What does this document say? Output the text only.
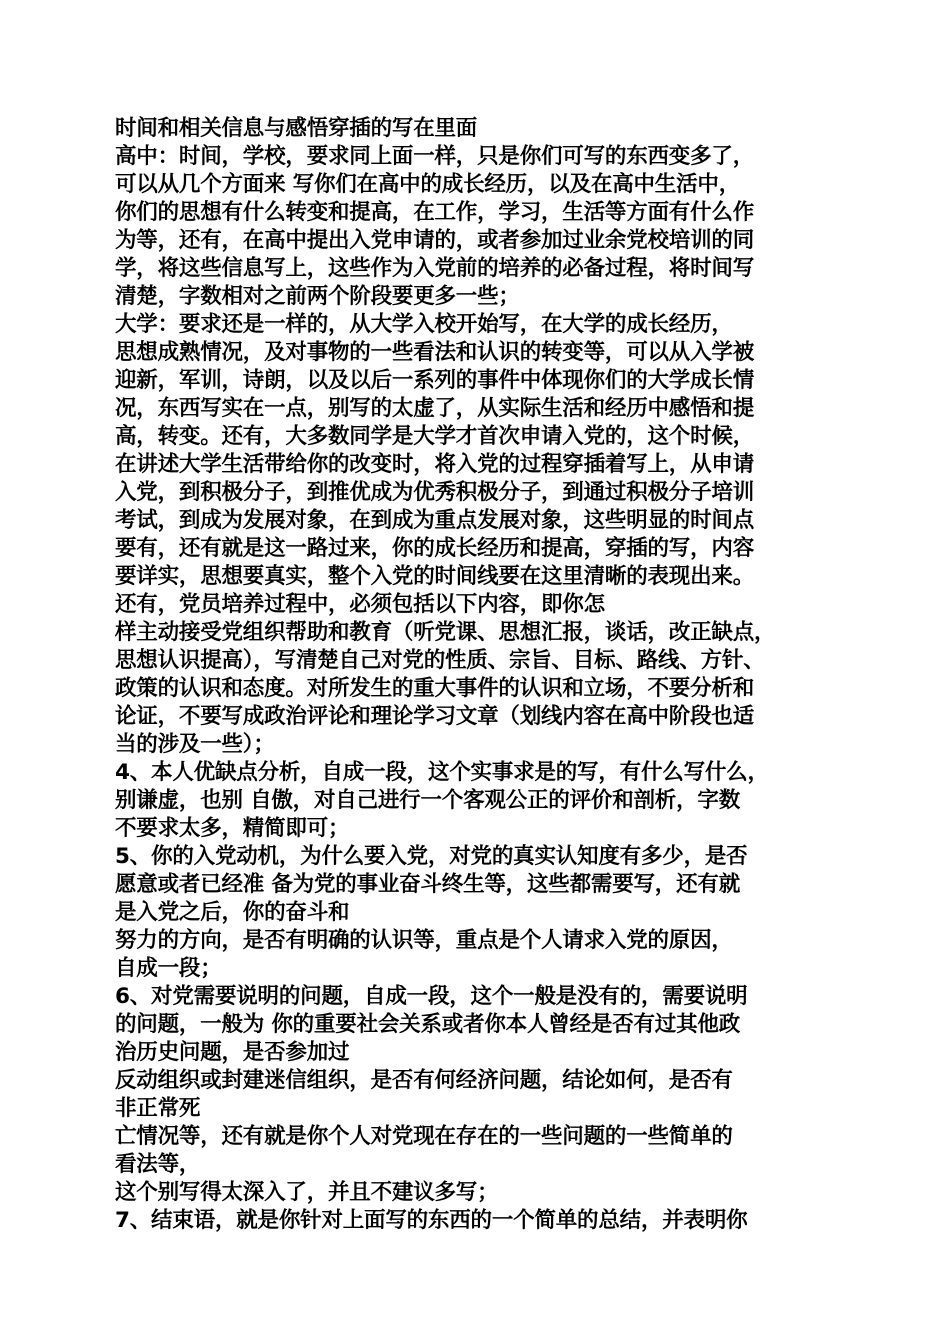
时间和相关信息与感悟穿插的写在里面
高中：时间，学校，要求同上面一样，只是你们可写的东西变多了，
可以从几个方面来 写你们在高中的成长经历，以及在高中生活中，
你们的思想有什么转变和提高，在工作，学习，生活等方面有什么作
为等，还有，在高中提出入党申请的，或者参加过业余党校培训的同
学，将这些信息写上，这些作为入党前的培养的必备过程，将时间写
清楚，字数相对之前两个阶段要更多一些；
大学：要求还是一样的，从大学入校开始写，在大学的成长经历，
思想成熟情况，及对事物的一些看法和认识的转变等，可以从入学被
迎新，军训，诗朗，以及以后一系列的事件中体现你们的大学成长情
况，东西写实在一点，别写的太虚了，从实际生活和经历中感悟和提
高，转变。还有，大多数同学是大学才首次申请入党的，这个时候，
在讲述大学生活带给你的改变时，将入党的过程穿插着写上，从申请
入党，到积极分子，到推优成为优秀积极分子，到通过积极分子培训
考试，到成为发展对象，在到成为重点发展对象，这些明显的时间点
要有，还有就是这一路过来，你的成长经历和提高，穿插的写，内容
要详实，思想要真实，整个入党的时间线要在这里清晰的表现出来。
还有，党员培养过程中，必须包括以下内容，即你怎
样主动接受党组织帮助和教育（听党课、思想汇报，谈话，改正缺点，
思想认识提高），写清楚自己对党的性质、宗旨、目标、路线、方针、
政策的认识和态度。对所发生的重大事件的认识和立场，不要分析和
论证，不要写成政治评论和理论学习文章（划线内容在高中阶段也适
当的涉及一些）；
4、本人优缺点分析，自成一段，这个实事求是的写，有什么写什么，
别谦虚，也别 自傲，对自己进行一个客观公正的评价和剖析，字数
不要求太多，精简即可；
5、你的入党动机，为什么要入党，对党的真实认知度有多少，是否
愿意或者已经准 备为党的事业奋斗终生等，这些都需要写，还有就
是入党之后，你的奋斗和
努力的方向，是否有明确的认识等，重点是个人请求入党的原因，
自成一段；
6、对党需要说明的问题，自成一段，这个一般是没有的，需要说明
的问题，一般为 你的重要社会关系或者你本人曾经是否有过其他政
治历史问题，是否参加过
反动组织或封建迷信组织，是否有何经济问题，结论如何，是否有
非正常死
亡情况等，还有就是你个人对党现在存在的一些问题的一些简单的
看法等，
这个别写得太深入了，并且不建议多写；
7、结束语，就是你针对上面写的东西的一个简单的总结，并表明你
